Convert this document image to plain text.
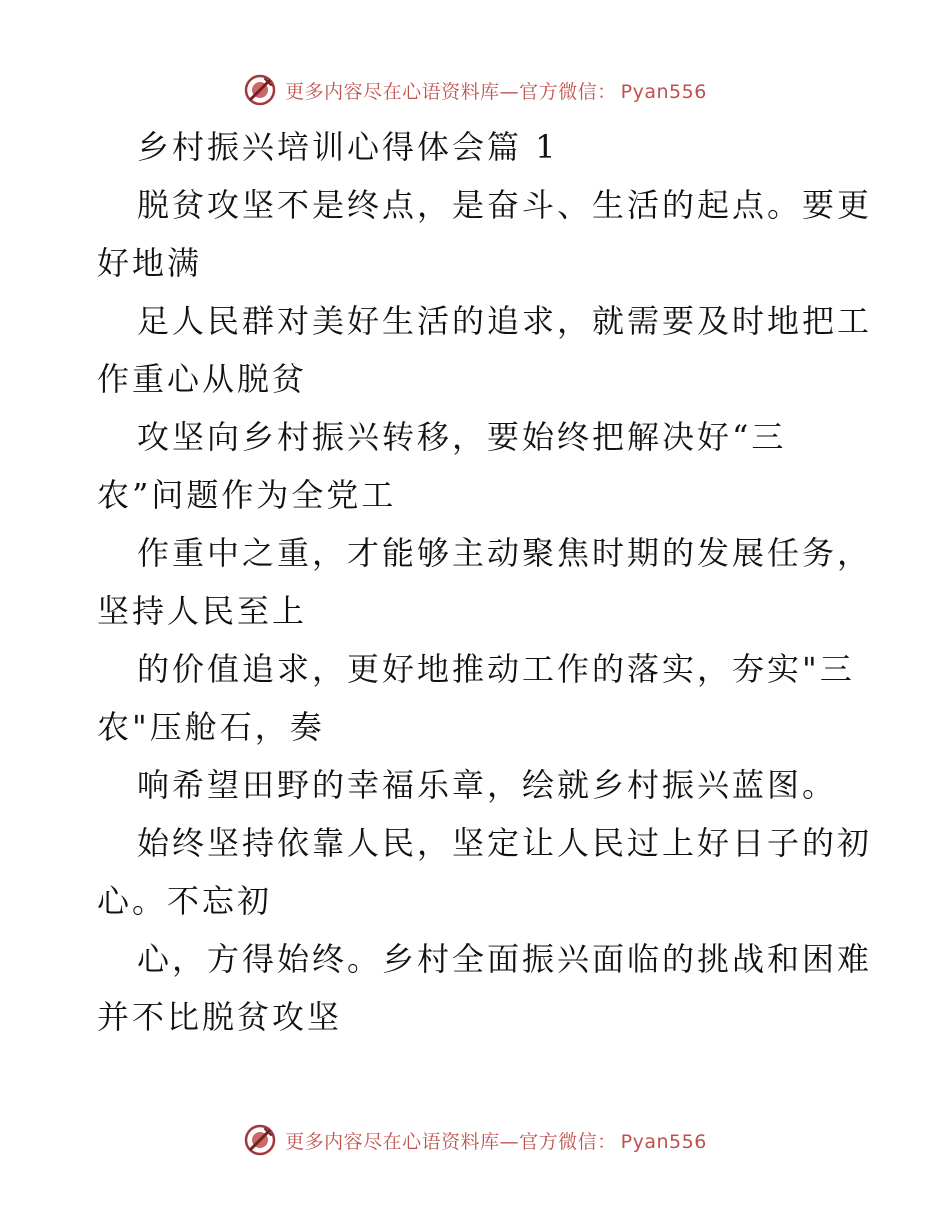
更多内容尽在心语资料库—官方微信： Pyan556
乡村振兴培训心得体会篇 1
脱贫攻坚不是终点，是奋斗、生活的起点。要更
好地满
足人民群对美好生活的追求，就需要及时地把工
作重心从脱贫
攻坚向乡村振兴转移，要始终把解决好“三
农”问题作为全党工
作重中之重，才能够主动聚焦时期的发展任务，
坚持人民至上
的价值追求，更好地推动工作的落实，夯实"三
农"压舱石，奏
响希望田野的幸福乐章，绘就乡村振兴蓝图。
始终坚持依靠人民，坚定让人民过上好日子的初
心。不忘初
心，方得始终。乡村全面振兴面临的挑战和困难
并不比脱贫攻坚
更多内容尽在心语资料库—官方微信： Pyan556
